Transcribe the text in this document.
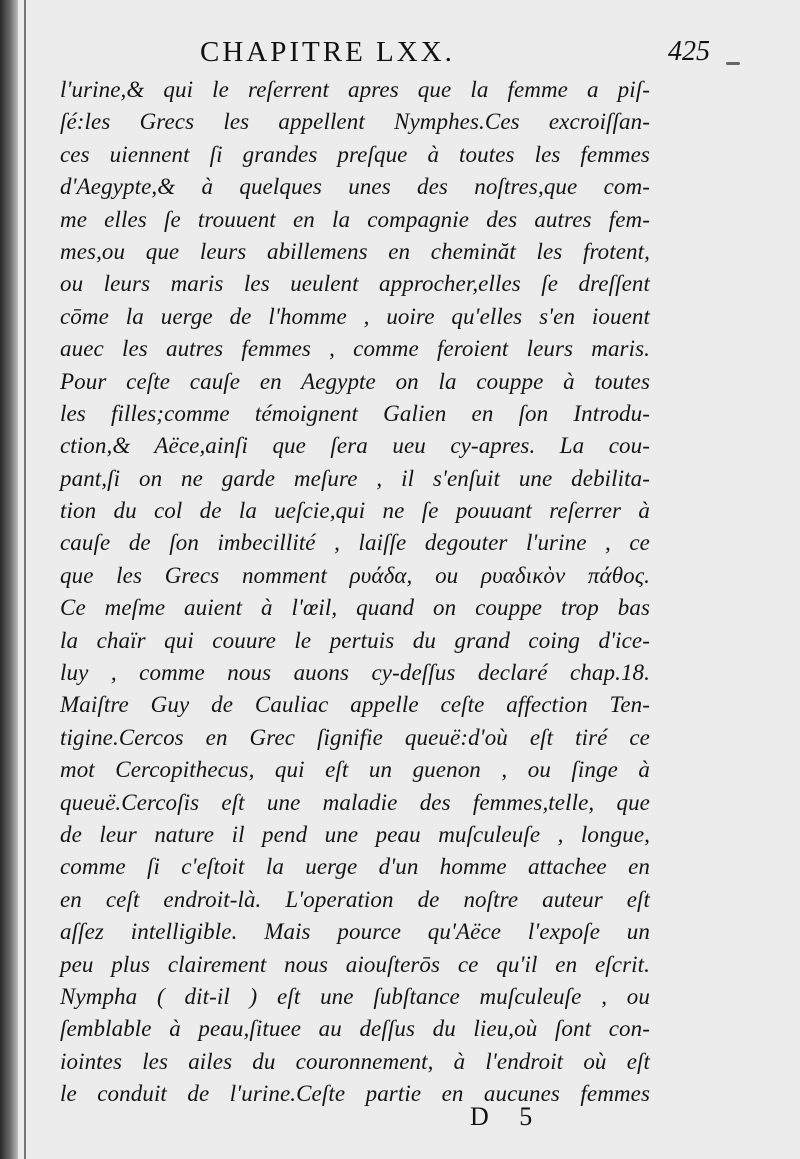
CHAPITRE LXX.	425
l'urine,& qui le reſerrent apres que la femme a piſ-
ſé:les Grecs les appellent Nymphes.Ces excroiſſan-
ces uiennent ſi grandes preſque à toutes les femmes
d'Aegypte,& à quelques unes des noſtres,que com-
me elles ſe trouuent en la compagnie des autres fem-
mes,ou que leurs abillemens en cheminăt les frotent,
ou leurs maris les ueulent approcher,elles ſe dreſſent
cōme la uerge de l'homme , uoire qu'elles s'en iouent
auec les autres femmes , comme feroient leurs maris.
Pour ceſte cauſe en Aegypte on la couppe à toutes
les filles;comme témoignent Galien en ſon Introdu-
ction,& Aëce,ainſi que ſera ueu cy-apres. La cou-
pant,ſi on ne garde meſure , il s'enſuit une debilita-
tion du col de la ueſcie,qui ne ſe pouuant reſerrer à
cauſe de ſon imbecillité , laiſſe degouter l'urine , ce
que les Grecs nomment ρυάδα, ou ρυαδικὸν πάθος.
Ce meſme auient à l'œil, quand on couppe trop bas
la chaïr qui couure le pertuis du grand coing d'ice-
luy , comme nous auons cy-deſſus declaré chap.18.
Maiſtre Guy de Cauliac appelle ceſte affection Ten-
tigine.Cercos en Grec ſignifie queuë:d'où eſt tiré ce
mot Cercopithecus, qui eſt un guenon , ou ſinge à
queuë.Cercoſis eſt une maladie des femmes,telle, que
de leur nature il pend une peau muſculeuſe , longue,
comme ſi c'eſtoit la uerge d'un homme attachee en
en ceſt endroit-là. L'operation de noſtre auteur eſt
aſſez intelligible. Mais pource qu'Aëce l'expoſe un
peu plus clairement nous aiouſterōs ce qu'il en eſcrit.
Nympha ( dit-il ) eſt une ſubſtance muſculeuſe , ou
ſemblable à peau,ſituee au deſſus du lieu,où ſont con-
iointes les ailes du couronnement, à l'endroit où eſt
le conduit de l'urine.Ceſte partie en aucunes femmes
D 5
